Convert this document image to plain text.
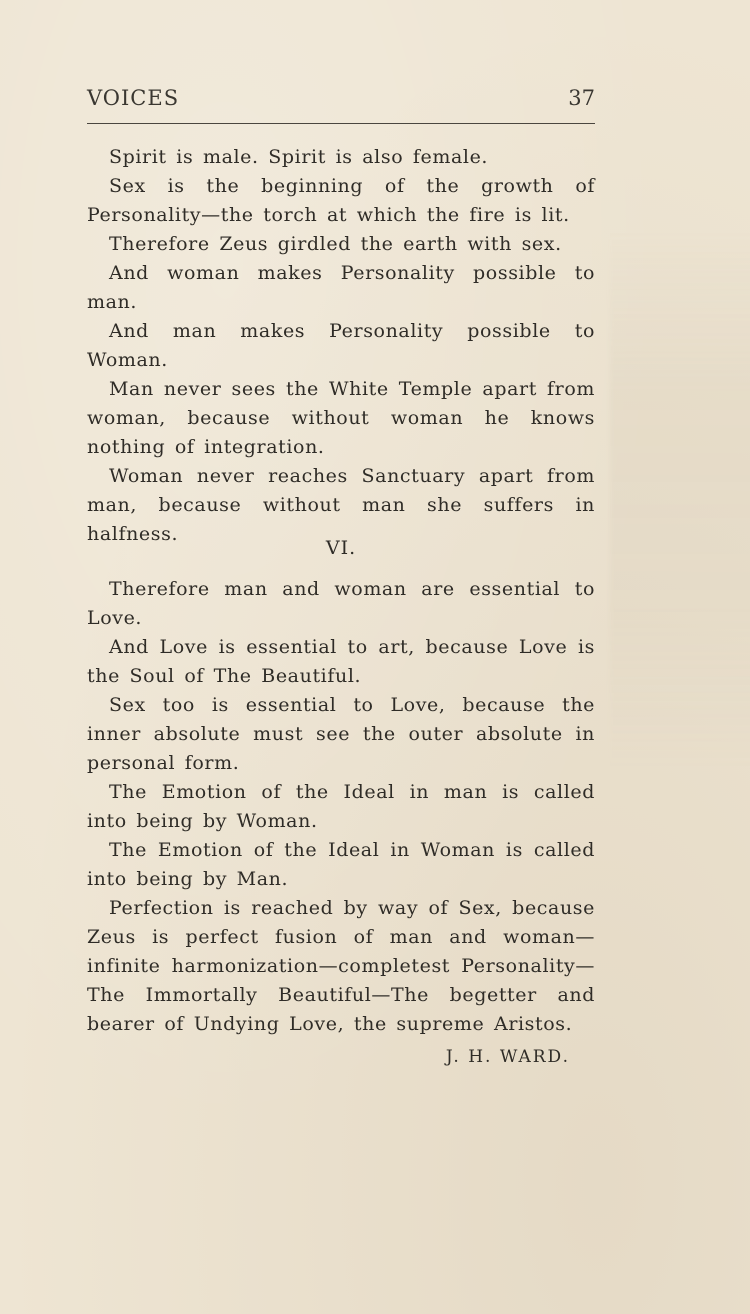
VOICES	37

Spirit is male. Spirit is also female.

Sex is the beginning of the growth of Personality—the torch at which the fire is lit.

Therefore Zeus girdled the earth with sex.

And woman makes Personality possible to man.

And man makes Personality possible to Woman.

Man never sees the White Temple apart from woman, because without woman he knows nothing of integration.

Woman never reaches Sanctuary apart from man, because without man she suffers in halfness.

VI.

Therefore man and woman are essential to Love.

And Love is essential to art, because Love is the Soul of The Beautiful.

Sex too is essential to Love, because the inner absolute must see the outer absolute in personal form.

The Emotion of the Ideal in man is called into being by Woman.

The Emotion of the Ideal in Woman is called into being by Man.

Perfection is reached by way of Sex, because Zeus is perfect fusion of man and woman—infinite harmonization—completest Personality—The Immortally Beautiful—The begetter and bearer of Undying Love, the supreme Aristos.

J. H. WARD.
